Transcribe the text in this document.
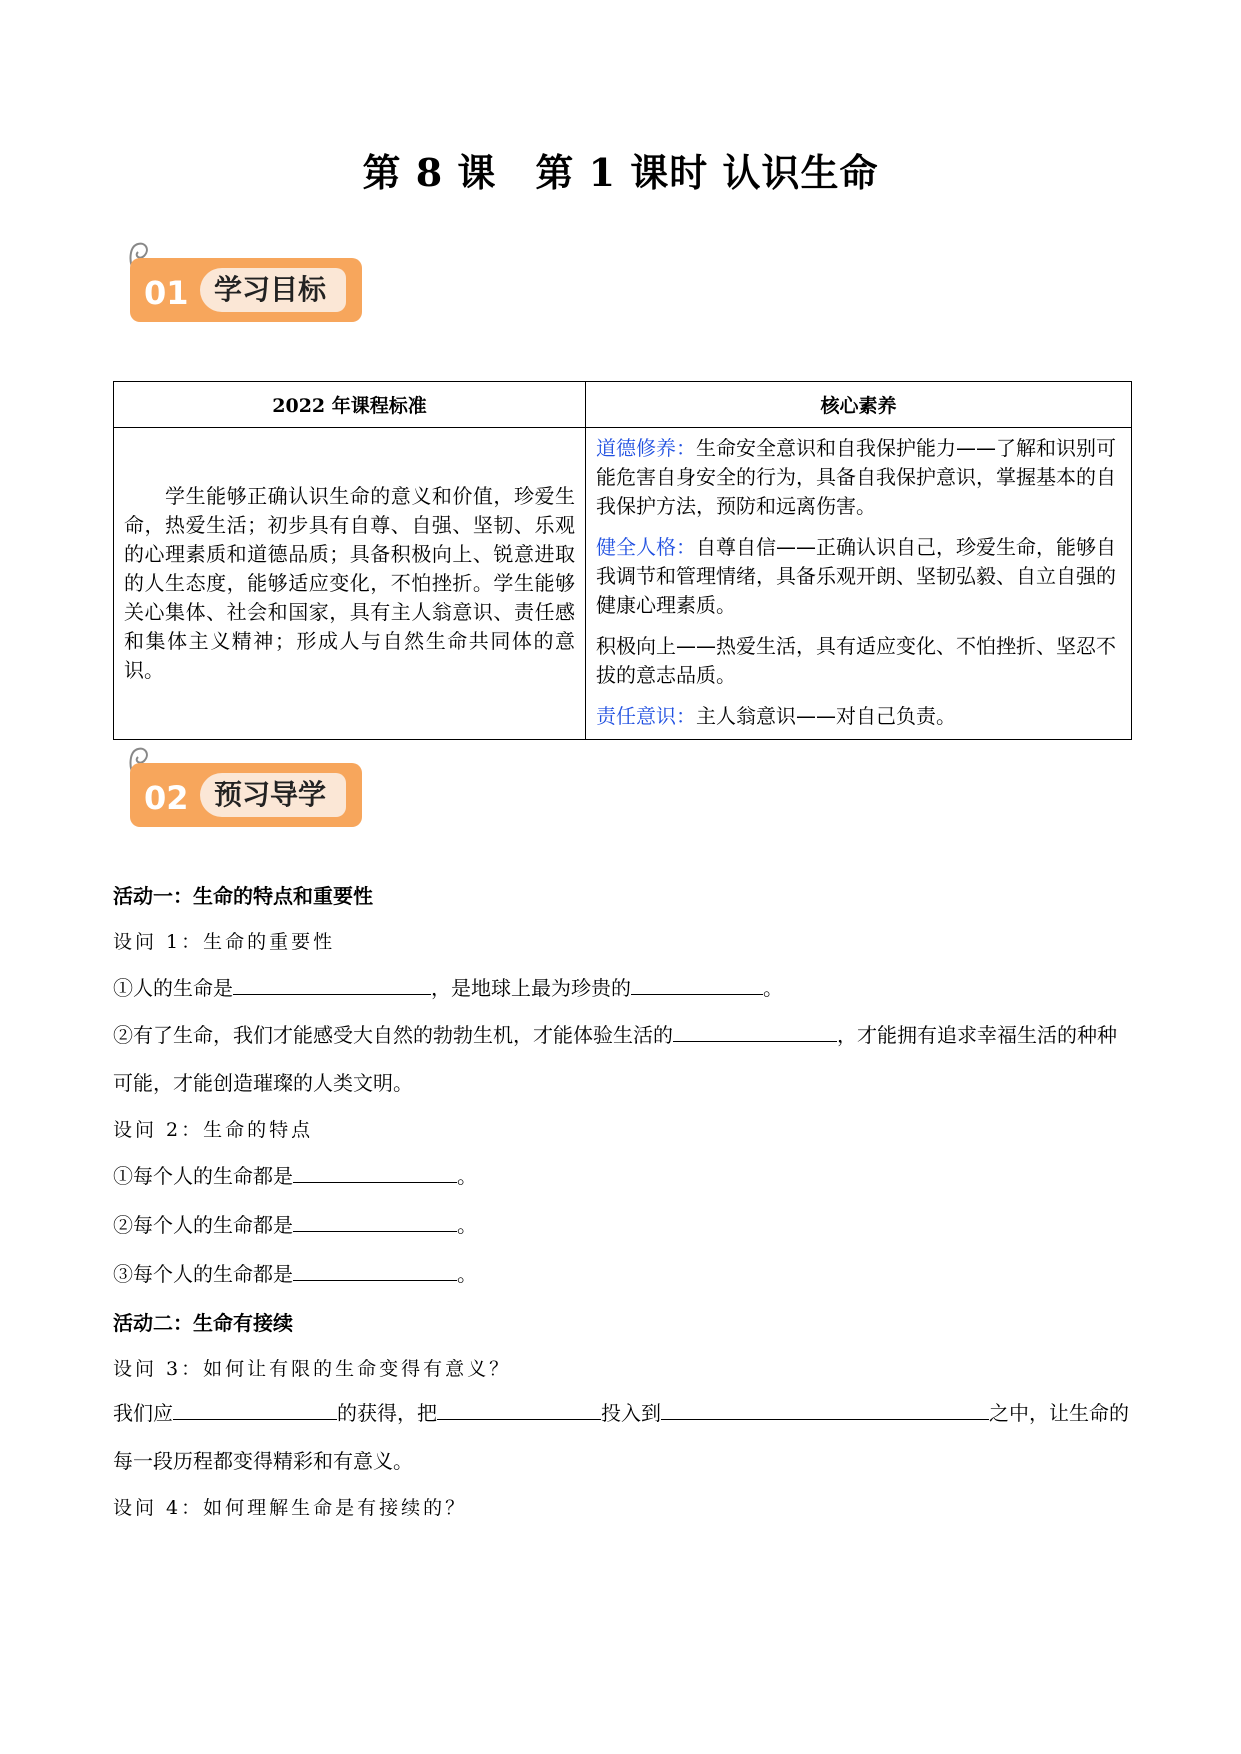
第 8 课　第 1 课时 认识生命
01 学习目标
2022 年课程标准	核心素养
　　学生能够正确认识生命的意义和价值，珍爱生命，热爱生活；初步具有自尊、自强、坚韧、乐观的心理素质和道德品质；具备积极向上、锐意进取的人生态度，能够适应变化，不怕挫折。学生能够关心集体、社会和国家，具有主人翁意识、责任感和集体主义精神；形成人与自然生命共同体的意识。	道德修养：生命安全意识和自我保护能力——了解和识别可能危害自身安全的行为，具备自我保护意识，掌握基本的自我保护方法，预防和远离伤害。

健全人格：自尊自信——正确认识自己，珍爱生命，能够自我调节和管理情绪，具备乐观开朗、坚韧弘毅、自立自强的健康心理素质。

积极向上——热爱生活，具有适应变化、不怕挫折、坚忍不拔的意志品质。

责任意识：主人翁意识——对自己负责。

02 预习导学
活动一：生命的特点和重要性
设问 1：生命的重要性
①人的生命是	，是地球上最为珍贵的	。
②有了生命，我们才能感受大自然的勃勃生机，才能体验生活的	，才能拥有追求幸福生活的种种可能，才能创造璀璨的人类文明。
设问 2：生命的特点
①每个人的生命都是	。
②每个人的生命都是	。
③每个人的生命都是	。
活动二：生命有接续
设问 3：如何让有限的生命变得有意义？
我们应	的获得，把	投入到	之中，让生命的每一段历程都变得精彩和有意义。
设问 4：如何理解生命是有接续的？
